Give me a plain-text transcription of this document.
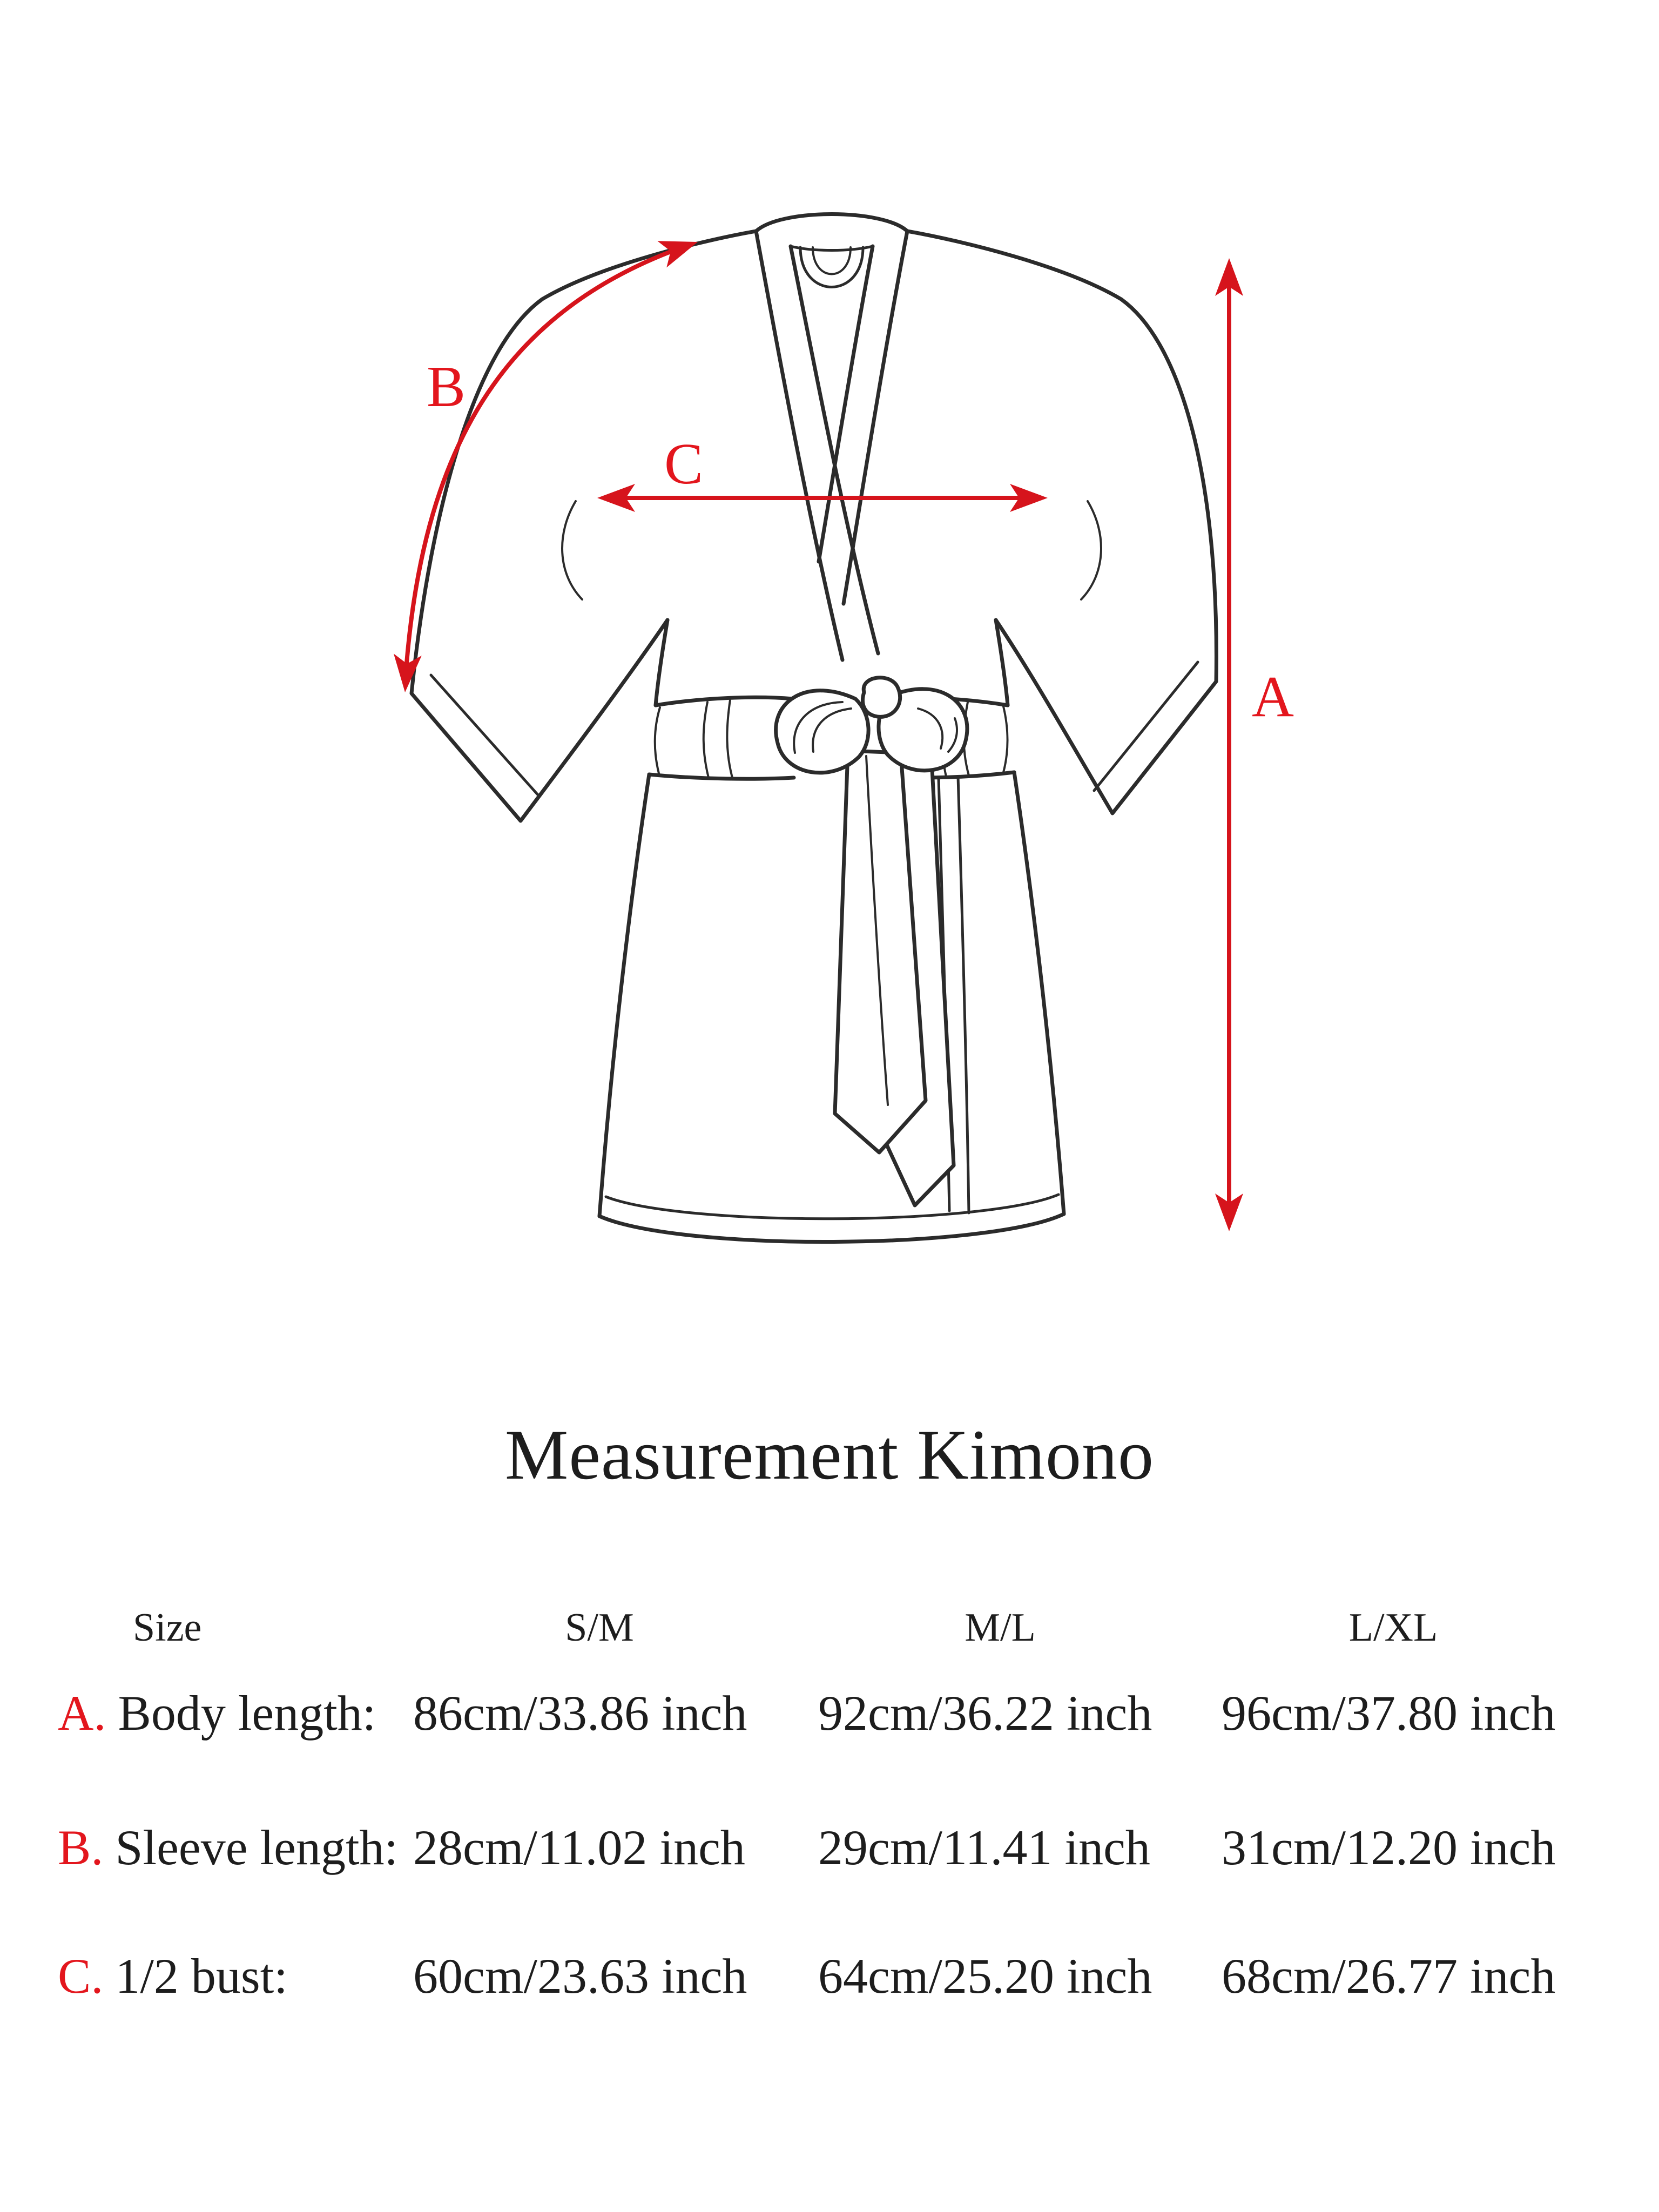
B
C
A
Measurement Kimono
Size	S/M	M/L	L/XL
A. Body length: 86cm/33.86 inch 92cm/36.22 inch 96cm/37.80 inch
B. Sleeve length: 28cm/11.02 inch 29cm/11.41 inch 31cm/12.20 inch
C. 1/2 bust:	60cm/23.63 inch 64cm/25.20 inch 68cm/26.77 inch
